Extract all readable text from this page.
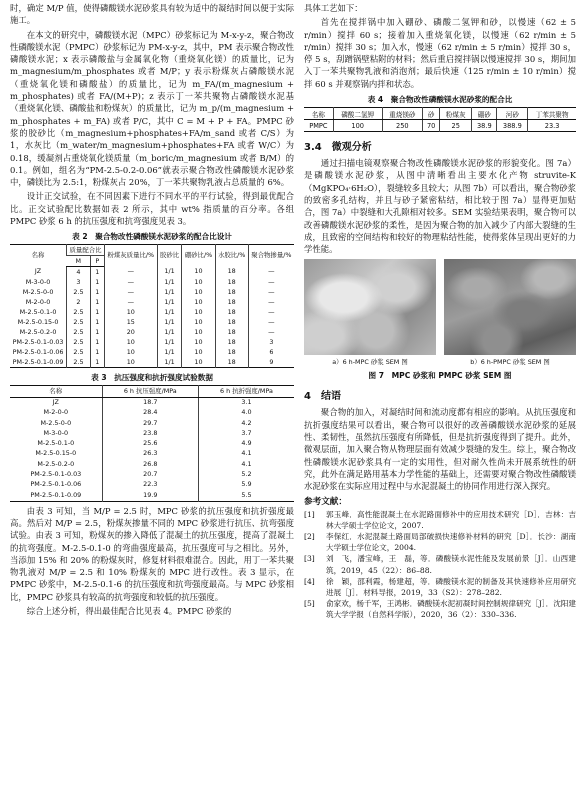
时，确定 M/P 值，使得磷酸镁水泥砂浆具有较为适中的凝结时间以便于实际施工。

在本文的研究中，磷酸镁水泥（MPC）砂浆标记为 M-x-y-z，聚合物改性磷酸镁水泥（PMPC）砂浆标记为 PM-x-y-z，其中，PM 表示聚合物改性磷酸镁水泥；x 表示磷酸盐与金属氧化物（重烧氧化镁）的质量比，记为 m_magnesium/m_phosphates 或者 M/P；y 表示粉煤灰占磷酸镁水泥（重烧氧化镁和磷酸盐）的质量比，记为 m_FA/(m_magnesium + m_phosphates) 或者 FA/(M+P)；z 表示丁一苯共聚物占磷酸镁水泥基（重烧氧化镁、磷酸盐和粉煤灰）的质量比，记为 m_p/(m_magnesium + m_phosphates + m_FA) 或者 P/C，其中 C = M + P + FA。PMPC 砂浆的胶砂比（m_magnesium+phosphates+FA/m_sand 或者 C/S）为 1，水灰比（m_water/m_magnesium+phosphates+FA 或者 W/C）为 0.18，缓凝剂占重烧氧化镁质量（m_boric/m_magnesium 或者 B/M）的 0.1。例如，组名为“PM-2.5-0.2-0.06”就表示聚合物改性磷酸镁水泥砂浆中，磷镁比为 2.5:1，粉煤灰占 20%，丁一苯共聚物乳液占总质量的 6%。

设计正交试验，在不同因素下进行不同水平的平行试验，得到最优配合比。正交试验配比数据如表 2 所示，其中 wt% 指质量的百分率。各组 PMPC 砂浆 6 h 的抗压强度和抗弯强度见表 3。

表 2　聚合物改性磷酸镁水泥砂浆的配合比设计
名称	质量配合比		粉煤灰质量比/%	胶砂比	硼砂比/%	水胶比/%	聚合物掺量/%
	M	P					
JZ	4	1	—	1/1	10	18	—
M-3-0-0	3	1	—	1/1	10	18	—
M-2.5-0-0	2.5	1	—	1/1	10	18	—
M-2-0-0	2	1	—	1/1	10	18	—
M-2.5-0.1-0	2.5	1	10	1/1	10	18	—
M-2.5-0.15-0	2.5	1	15	1/1	10	18	—
M-2.5-0.2-0	2.5	1	20	1/1	10	18	—
PM-2.5-0.1-0.03	2.5	1	10	1/1	10	18	3
PM-2.5-0.1-0.06	2.5	1	10	1/1	10	18	6
PM-2.5-0.1-0.09	2.5	1	10	1/1	10	18	9
表 3　抗压强度和抗折强度试验数据
名称	6 h 抗压强度/MPa	6 h 抗折强度/MPa
JZ	18.7	3.1
M-2-0-0	28.4	4.0
M-2.5-0-0	29.7	4.2
M-3-0-0	23.8	3.7
M-2.5-0.1-0	25.6	4.9
M-2.5-0.15-0	26.3	4.1
M-2.5-0.2-0	26.8	4.1
PM-2.5-0.1-0.03	20.7	5.2
PM-2.5-0.1-0.06	22.3	5.9
PM-2.5-0.1-0.09	19.9	5.5

由表 3 可知，当 M/P = 2.5 时，MPC 砂浆的抗压强度和抗折强度最高。然后对 M/P = 2.5，粉煤灰掺量不同的 MPC 砂浆进行抗压、抗弯强度试验。由表 3 可知，粉煤灰的掺入降低了混凝土的抗压强度，提高了混凝土的抗弯强度。M-2.5-0.1-0 的弯曲强度最高，抗压强度可与之相比。另外，当添加 15% 和 20% 的粉煤灰时，修复材料很难混合。因此，用丁一苯共聚物乳液对 M/P = 2.5 和 10% 粉煤灰的 MPC 进行改性。表 3 显示，在 PMPC 砂浆中，M-2.5-0.1-6 的抗压强度和抗弯强度最高。与 MPC 砂浆相比，PMPC 砂浆具有较高的抗弯强度和较低的抗压强度。

综合上述分析，得出最佳配合比见表 4。PMPC 砂浆的

具体工艺如下：

首先在搅拌锅中加入硼砂、磷酸二氢钾和砂，以慢速（62 ± 5 r/min）搅拌 60 s；接着加入重烧氧化镁，以慢速（62 r/min ± 5 r/min）搅拌 30 s；加入水，慢速（62 r/min ± 5 r/min）搅拌 30 s，停 5 s，刮蹭锅壁粘附的材料；然后重启搅拌锅以慢速搅拌 30 s，期间加入丁一苯共聚物乳液和消泡剂；最后快速（125 r/min ± 10 r/min）搅拌 60 s 并观察锅内拌和状态。

表 4　聚合物改性磷酸镁水泥砂浆的配合比
名称	磷酸二氢钾	重烧镁砂	砂	粉煤灰	硼砂	河砂	丁苯共聚物
PMPC	100	250	70	25	38.9	388.9	23.3
3.4　微观分析

通过扫描电镜观察聚合物改性磷酸镁水泥砂浆的形貌变化。图 7a）是磷酸镁水泥砂浆，从图中清晰看出主要水化产物 struvite-K（MgKPO₄·6H₂O），裂缝较多且较大；从图 7b）可以看出，聚合物砂浆的致密多孔结构，并且与砂子紧密粘结，相比较于图 7a）显得更加贴合，图 7a）中裂缝和大孔隙相对较多。SEM 实验结果表明，聚合物可以改善磷酸镁水泥砂浆的柔性，是因为聚合物的加入减少了内部大裂缝的生成，且致密的空间结构和较好的物理粘结性能，使得浆体呈现出更好的力学性能。

a）6 h-MPC 砂浆 SEM 图	b）6 h-PMPC 砂浆 SEM 图
图 7　MPC 砂浆和 PMPC 砂浆 SEM 图
4　结语

聚合物的加入，对凝结时间和流动度都有相应的影响。从抗压强度和抗折强度结果可以看出，聚合物可以很好的改善磷酸镁水泥砂浆的延展性、柔韧性，虽然抗压强度有所降低，但是抗折强度得到了提升。此外，微观层面，加入聚合物从物理层面有效减少裂缝的发生。综上，聚合物改性磷酸镁水泥砂浆具有一定的实用性，但对耐久性尚未开展系统性的研究，此外在满足路用基本力学性能的基础上，还需要对聚合物改性磷酸镁水泥砂浆在实际应用过程中与水泥混凝土的协同作用进行深入探究。

参考文献：
[1]	郭玉峰．高性能混凝土在水泥路面修补中的应用技术研究［D］．吉林：吉林大学硕士学位论文，2007.
[2]	李保红．水泥混凝土路面局部破损快速修补材料的研究［D］．长沙：湖南大学硕士学位论文，2004.
[3]	刘　飞，潘宝峰，王　磊，等．磷酸镁水泥性能及发展前景［J］．山西建筑，2019，45（22）：86–88.
[4]	徐　颖，邵利霞，杨建超，等．磷酸镁水泥的制备及其快速修补应用研究进展［J］．材料导报，2019，33（S2）：278–282.
[5]	俞家欢，杨千军，王鸿彬．磷酸镁水泥初凝时间控制规律研究［J］．沈阳建筑大学学报（自然科学版），2020，36（2）：330–336.
